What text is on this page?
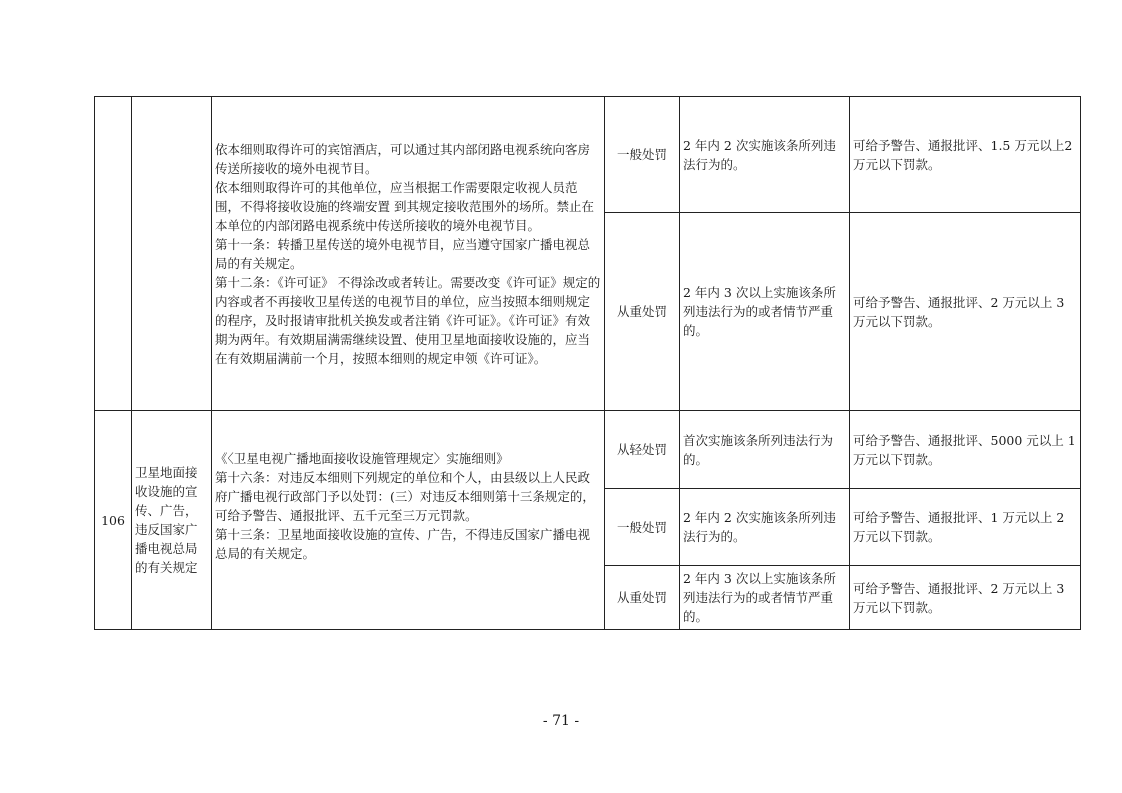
		依本细则取得许可的宾馆酒店，可以通过其内部闭路电视系统向客房传送所接收的境外电视节目。

依本细则取得许可的其他单位，应当根据工作需要限定收视人员范围，不得将接收设施的终端安置 到其规定接收范围外的场所。禁止在本单位的内部闭路电视系统中传送所接收的境外电视节目。

第十一条：转播卫星传送的境外电视节目，应当遵守国家广播电视总局的有关规定。

第十二条：《许可证》 不得涂改或者转让。需要改变《许可证》规定的内容或者不再接收卫星传送的电视节目的单位，应当按照本细则规定的程序，及时报请审批机关换发或者注销《许可证》。《许可证》有效期为两年。有效期届满需继续设置、使用卫星地面接收设施的，应当在有效期届满前一个月，按照本细则的规定申领《许可证》。	一般处罚	2 年内 2 次实施该条所列违法行为的。	可给予警告、通报批评、1.5 万元以上2 万元以下罚款。
			从重处罚	2 年内 3 次以上实施该条所列违法行为的或者情节严重的。	可给予警告、通报批评、2 万元以上 3 万元以下罚款。
106	卫星地面接收设施的宣传、广告，违反国家广播电视总局的有关规定	《〈卫星电视广播地面接收设施管理规定〉实施细则》

第十六条：对违反本细则下列规定的单位和个人，由县级以上人民政府广播电视行政部门予以处罚：(三）对违反本细则第十三条规定的，可给予警告、通报批评、五千元至三万元罚款。

第十三条：卫星地面接收设施的宣传、广告，不得违反国家广播电视总局的有关规定。	从轻处罚	首次实施该条所列违法行为的。	可给予警告、通报批评、5000 元以上 1 万元以下罚款。
			一般处罚	2 年内 2 次实施该条所列违法行为的。	可给予警告、通报批评、1 万元以上 2 万元以下罚款。
			从重处罚	2 年内 3 次以上实施该条所列违法行为的或者情节严重的。	可给予警告、通报批评、2 万元以上 3 万元以下罚款。
- 71 -
